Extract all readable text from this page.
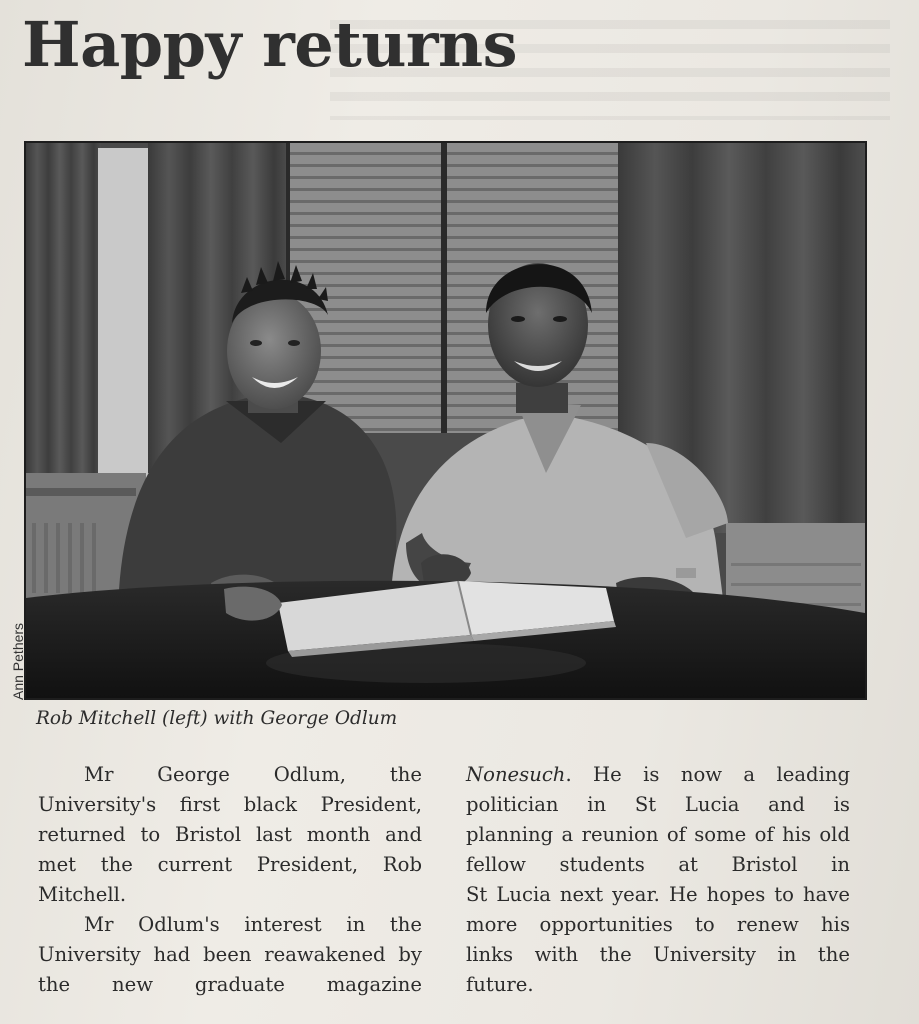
Happy returns
Ann Pethers

Rob Mitchell (left) with George Odlum

Mr George Odlum, the
University's first black President,
returned to Bristol last month and
met the current President, Rob
Mitchell.
Mr Odlum's interest in the
University had been reawakened by
the new graduate magazine
Nonesuch. He is now a leading
politician in St Lucia and is
planning a reunion of some of his old
fellow students at Bristol in
St Lucia next year. He hopes to have
more opportunities to renew his
links with the University in the
future.
